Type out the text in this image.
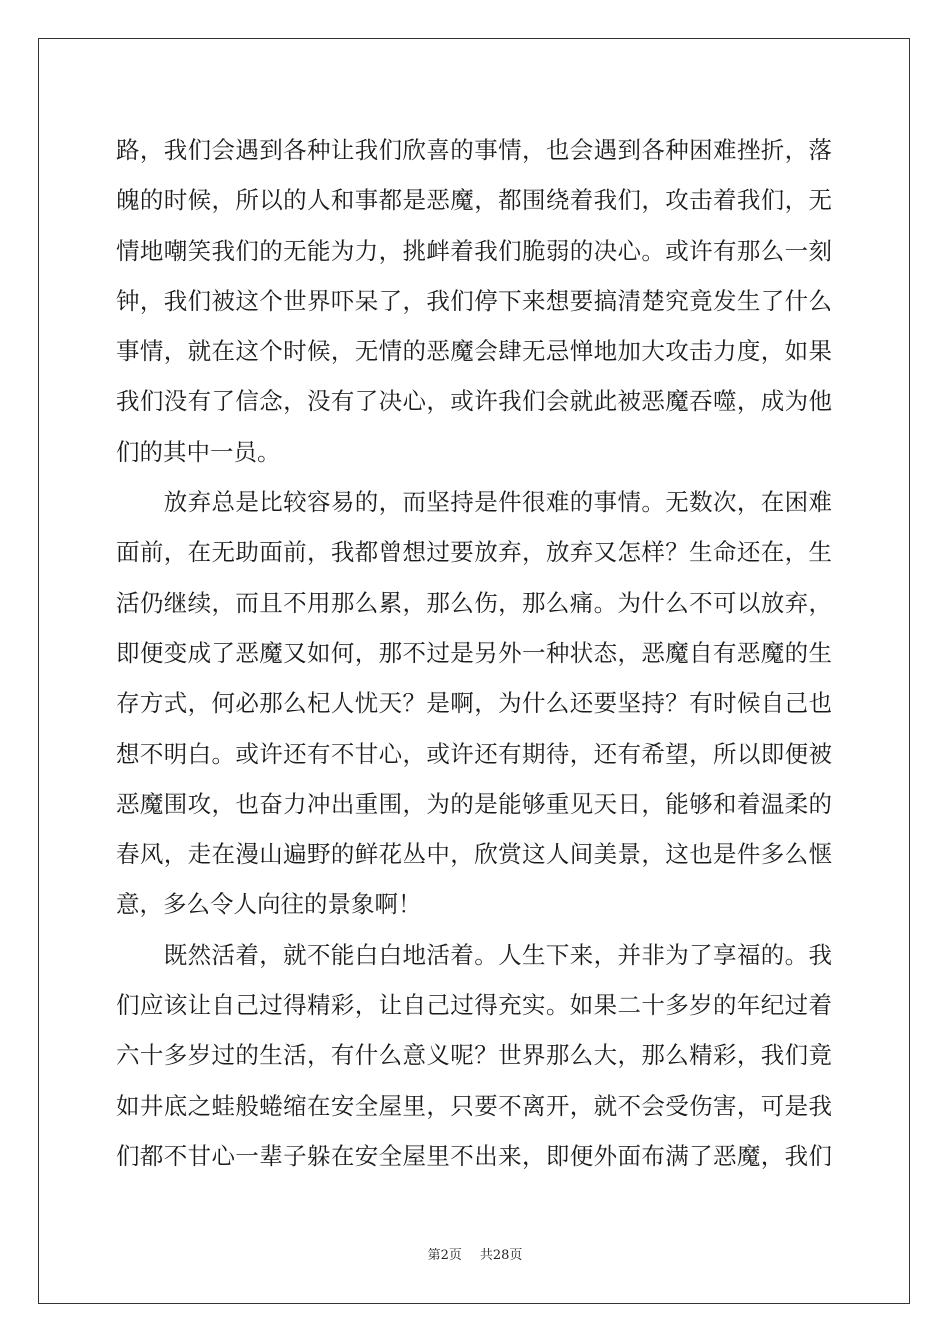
路，我们会遇到各种让我们欣喜的事情，也会遇到各种困难挫折，落
魄的时候，所以的人和事都是恶魔，都围绕着我们，攻击着我们，无
情地嘲笑我们的无能为力，挑衅着我们脆弱的决心。或许有那么一刻
钟，我们被这个世界吓呆了，我们停下来想要搞清楚究竟发生了什么
事情，就在这个时候，无情的恶魔会肆无忌惮地加大攻击力度，如果
我们没有了信念，没有了决心，或许我们会就此被恶魔吞噬，成为他
们的其中一员。
　　放弃总是比较容易的，而坚持是件很难的事情。无数次，在困难
面前，在无助面前，我都曾想过要放弃，放弃又怎样？生命还在，生
活仍继续，而且不用那么累，那么伤，那么痛。为什么不可以放弃，
即便变成了恶魔又如何，那不过是另外一种状态，恶魔自有恶魔的生
存方式，何必那么杞人忧天？是啊，为什么还要坚持？有时候自己也
想不明白。或许还有不甘心，或许还有期待，还有希望，所以即便被
恶魔围攻，也奋力冲出重围，为的是能够重见天日，能够和着温柔的
春风，走在漫山遍野的鲜花丛中，欣赏这人间美景，这也是件多么惬
意，多么令人向往的景象啊！
　　既然活着，就不能白白地活着。人生下来，并非为了享福的。我
们应该让自己过得精彩，让自己过得充实。如果二十多岁的年纪过着
六十多岁过的生活，有什么意义呢？世界那么大，那么精彩，我们竟
如井底之蛙般蜷缩在安全屋里，只要不离开，就不会受伤害，可是我
们都不甘心一辈子躲在安全屋里不出来，即便外面布满了恶魔，我们
第2页 共28页
